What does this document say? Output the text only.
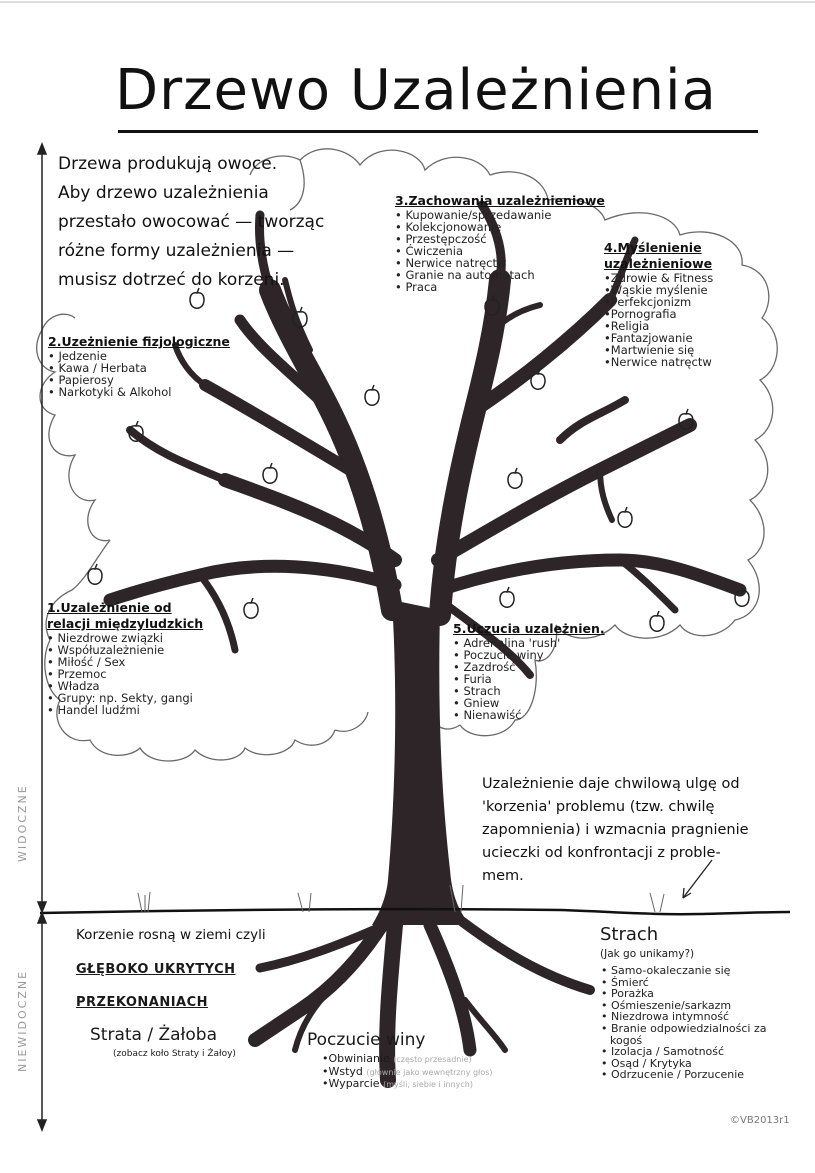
Drzewo Uzależnienia
Drzewa produkują owoce.
Aby drzewo uzależnienia
przestało owocować — tworząc
różne formy uzależnienia —
musisz dotrzeć do korzeni.
3.Zachowania uzależnieniowe
• Kupowanie/sprzedawanie
• Kolekcjonowanie
• Przestępczość
• Ćwiczenia
• Nerwice natręctw
• Granie na automatach
• Praca
4.Myślenienie
uzależnieniowe
• Zdrowie & Fitness
• Wąskie myślenie
• Perfekcjonizm
• Pornografia
• Religia
• Fantazjowanie
• Martwienie się
• Nerwice natręctw
2.Uzeżnienie fizjologiczne
• Jedzenie
• Kawa / Herbata
• Papierosy
• Narkotyki & Alkohol
1.Uzależnienie od
relacji międzyludzkich
• Niezdrowe związki
• Współuzależnienie
• Miłość / Sex
• Przemoc
• Władza
• Grupy: np. Sekty, gangi
• Handel ludźmi
5.Uczucia uzależnien.
• Adrenalina 'rush'
• Poczucie winy
• Zazdrość
• Furia
• Strach
• Gniew
• Nienawiść
Uzależnienie daje chwilową ulgę od
'korzenia' problemu (tzw. chwilę
zapomnienia) i wzmacnia pragnienie
ucieczki od konfrontacji z proble-
mem.
Korzenie rosną w ziemi czyli
GŁĘBOKO UKRYTYCH
PRZEKONANIACH
Strata / Żałoba
(zobacz koło Straty i Żałoy)
Poczucie winy
• Obwinianie (często przesadnie)
• Wstyd (głównie jako wewnętrzny głos)
• Wyparcie (myśli, siebie i innych)
Strach
(Jak go unikamy?)
• Samo-okaleczanie się
• Śmierć
• Porażka
• Ośmieszenie/sarkazm
• Niezdrowa intymność
• Branie odpowiedzialności za
kogoś
• Izolacja / Samotność
• Osąd / Krytyka
• Odrzucenie / Porzucenie
WIDOCZNE
NIEWIDOCZNE
©VB2013r1
